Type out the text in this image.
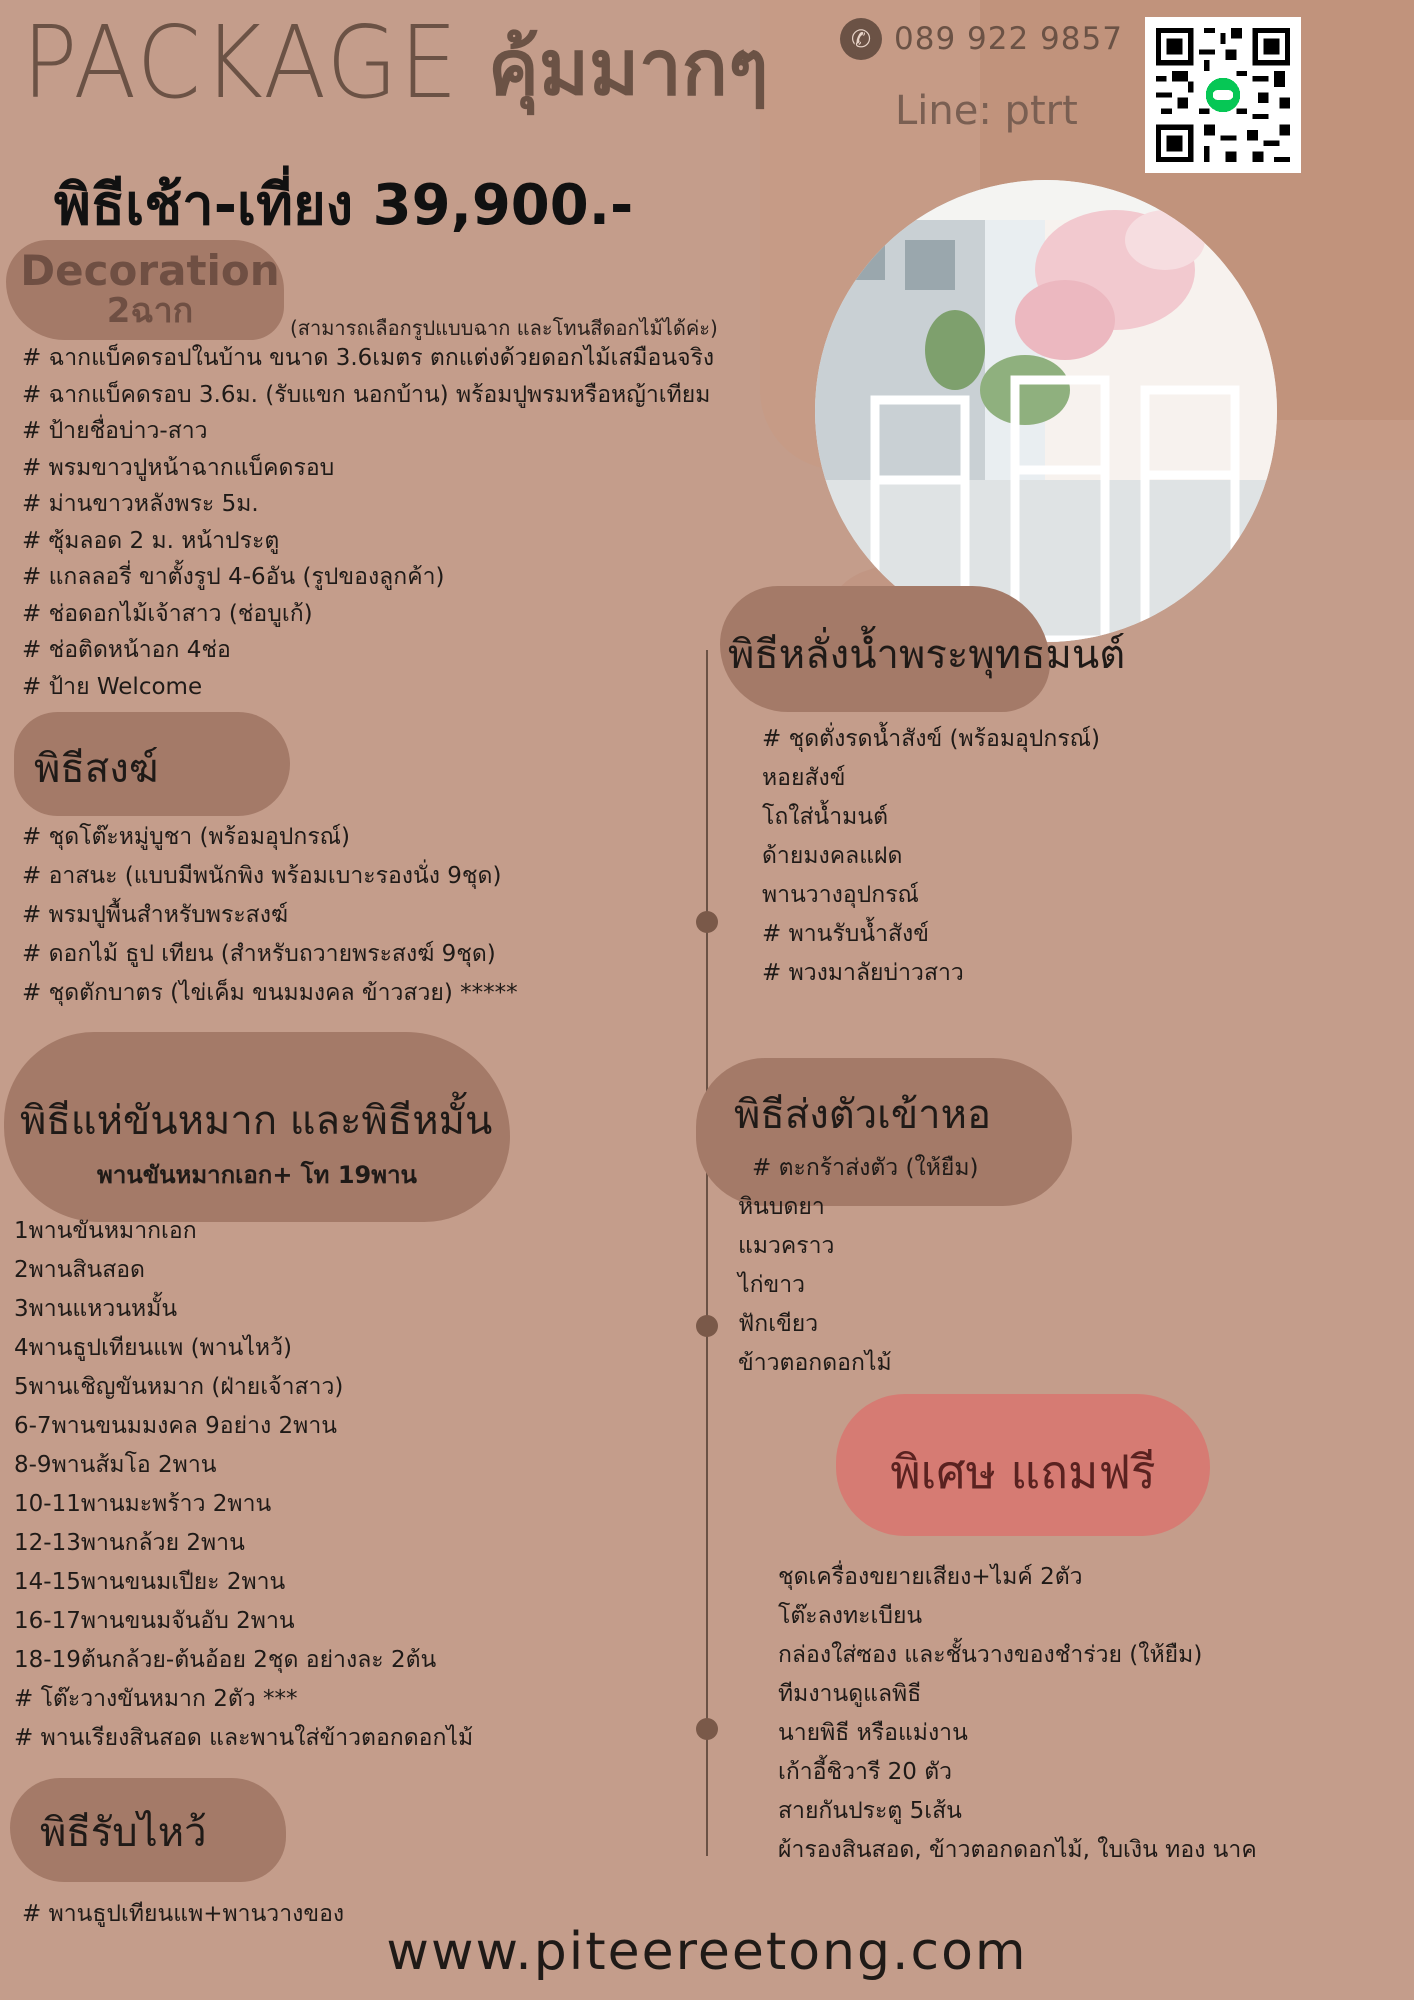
PACKAGE คุ้มมากๆ	✆ 089 922 9857
Line: ptrt
พิธีเช้า-เที่ยง 39,900.-
Decoration
2ฉาก	(สามารถเลือกรูปแบบฉาก และโทนสีดอกไม้ได้ค่ะ)
# ฉากแบ็คดรอปในบ้าน ขนาด 3.6เมตร ตกแต่งด้วยดอกไม้เสมือนจริง
# ฉากแบ็คดรอบ 3.6ม. (รับแขก นอกบ้าน) พร้อมปูพรมหรือหญ้าเทียม
# ป้ายชื่อบ่าว-สาว
# พรมขาวปูหน้าฉากแบ็คดรอบ
# ม่านขาวหลังพระ 5ม.
# ซุ้มลอด 2 ม. หน้าประตู
# แกลลอรี่ ขาตั้งรูป 4-6อัน (รูปของลูกค้า)
# ช่อดอกไม้เจ้าสาว (ช่อบูเก้)
# ช่อติดหน้าอก 4ช่อ
# ป้าย Welcome
พิธีสงฆ์
# ชุดโต๊ะหมู่บูชา (พร้อมอุปกรณ์)
# อาสนะ (แบบมีพนักพิง พร้อมเบาะรองนั่ง 9ชุด)
# พรมปูพื้นสำหรับพระสงฆ์
# ดอกไม้ ธูป เทียน (สำหรับถวายพระสงฆ์ 9ชุด)
# ชุดตักบาตร (ไข่เค็ม ขนมมงคล ข้าวสวย) *****
พิธีแห่ขันหมาก และพิธีหมั้น
พานขันหมากเอก+ โท 19พาน
1พานขันหมากเอก
2พานสินสอด
3พานแหวนหมั้น
4พานธูปเทียนแพ (พานไหว้)
5พานเชิญขันหมาก (ฝ่ายเจ้าสาว)
6-7พานขนมมงคล 9อย่าง 2พาน
8-9พานส้มโอ 2พาน
10-11พานมะพร้าว 2พาน
12-13พานกล้วย 2พาน
14-15พานขนมเปียะ 2พาน
16-17พานขนมจันอับ 2พาน
18-19ต้นกล้วย-ต้นอ้อย 2ชุด อย่างละ 2ต้น
# โต๊ะวางขันหมาก 2ตัว ***
# พานเรียงสินสอด และพานใส่ข้าวตอกดอกไม้
พิธีรับไหว้
# พานธูปเทียนแพ+พานวางของ
พิธีหลั่งน้ำพระพุทธมนต์
# ชุดตั่งรดน้ำสังข์ (พร้อมอุปกรณ์)
หอยสังข์
โถใส่น้ำมนต์
ด้ายมงคลแฝด
พานวางอุปกรณ์
# พานรับน้ำสังข์
# พวงมาลัยบ่าวสาว
พิธีส่งตัวเข้าหอ
# ตะกร้าส่งตัว (ให้ยืม)
หินบดยา
แมวคราว
ไก่ขาว
ฟักเขียว
ข้าวตอกดอกไม้
พิเศษ แถมฟรี
ชุดเครื่องขยายเสียง+ไมค์ 2ตัว
โต๊ะลงทะเบียน
กล่องใส่ซอง และชั้นวางของชำร่วย (ให้ยืม)
ทีมงานดูแลพิธี
นายพิธี หรือแม่งาน
เก้าอี้ชิวารี 20 ตัว
สายกันประตู 5เส้น
ผ้ารองสินสอด, ข้าวตอกดอกไม้, ใบเงิน ทอง นาค
www.piteereetong.com
